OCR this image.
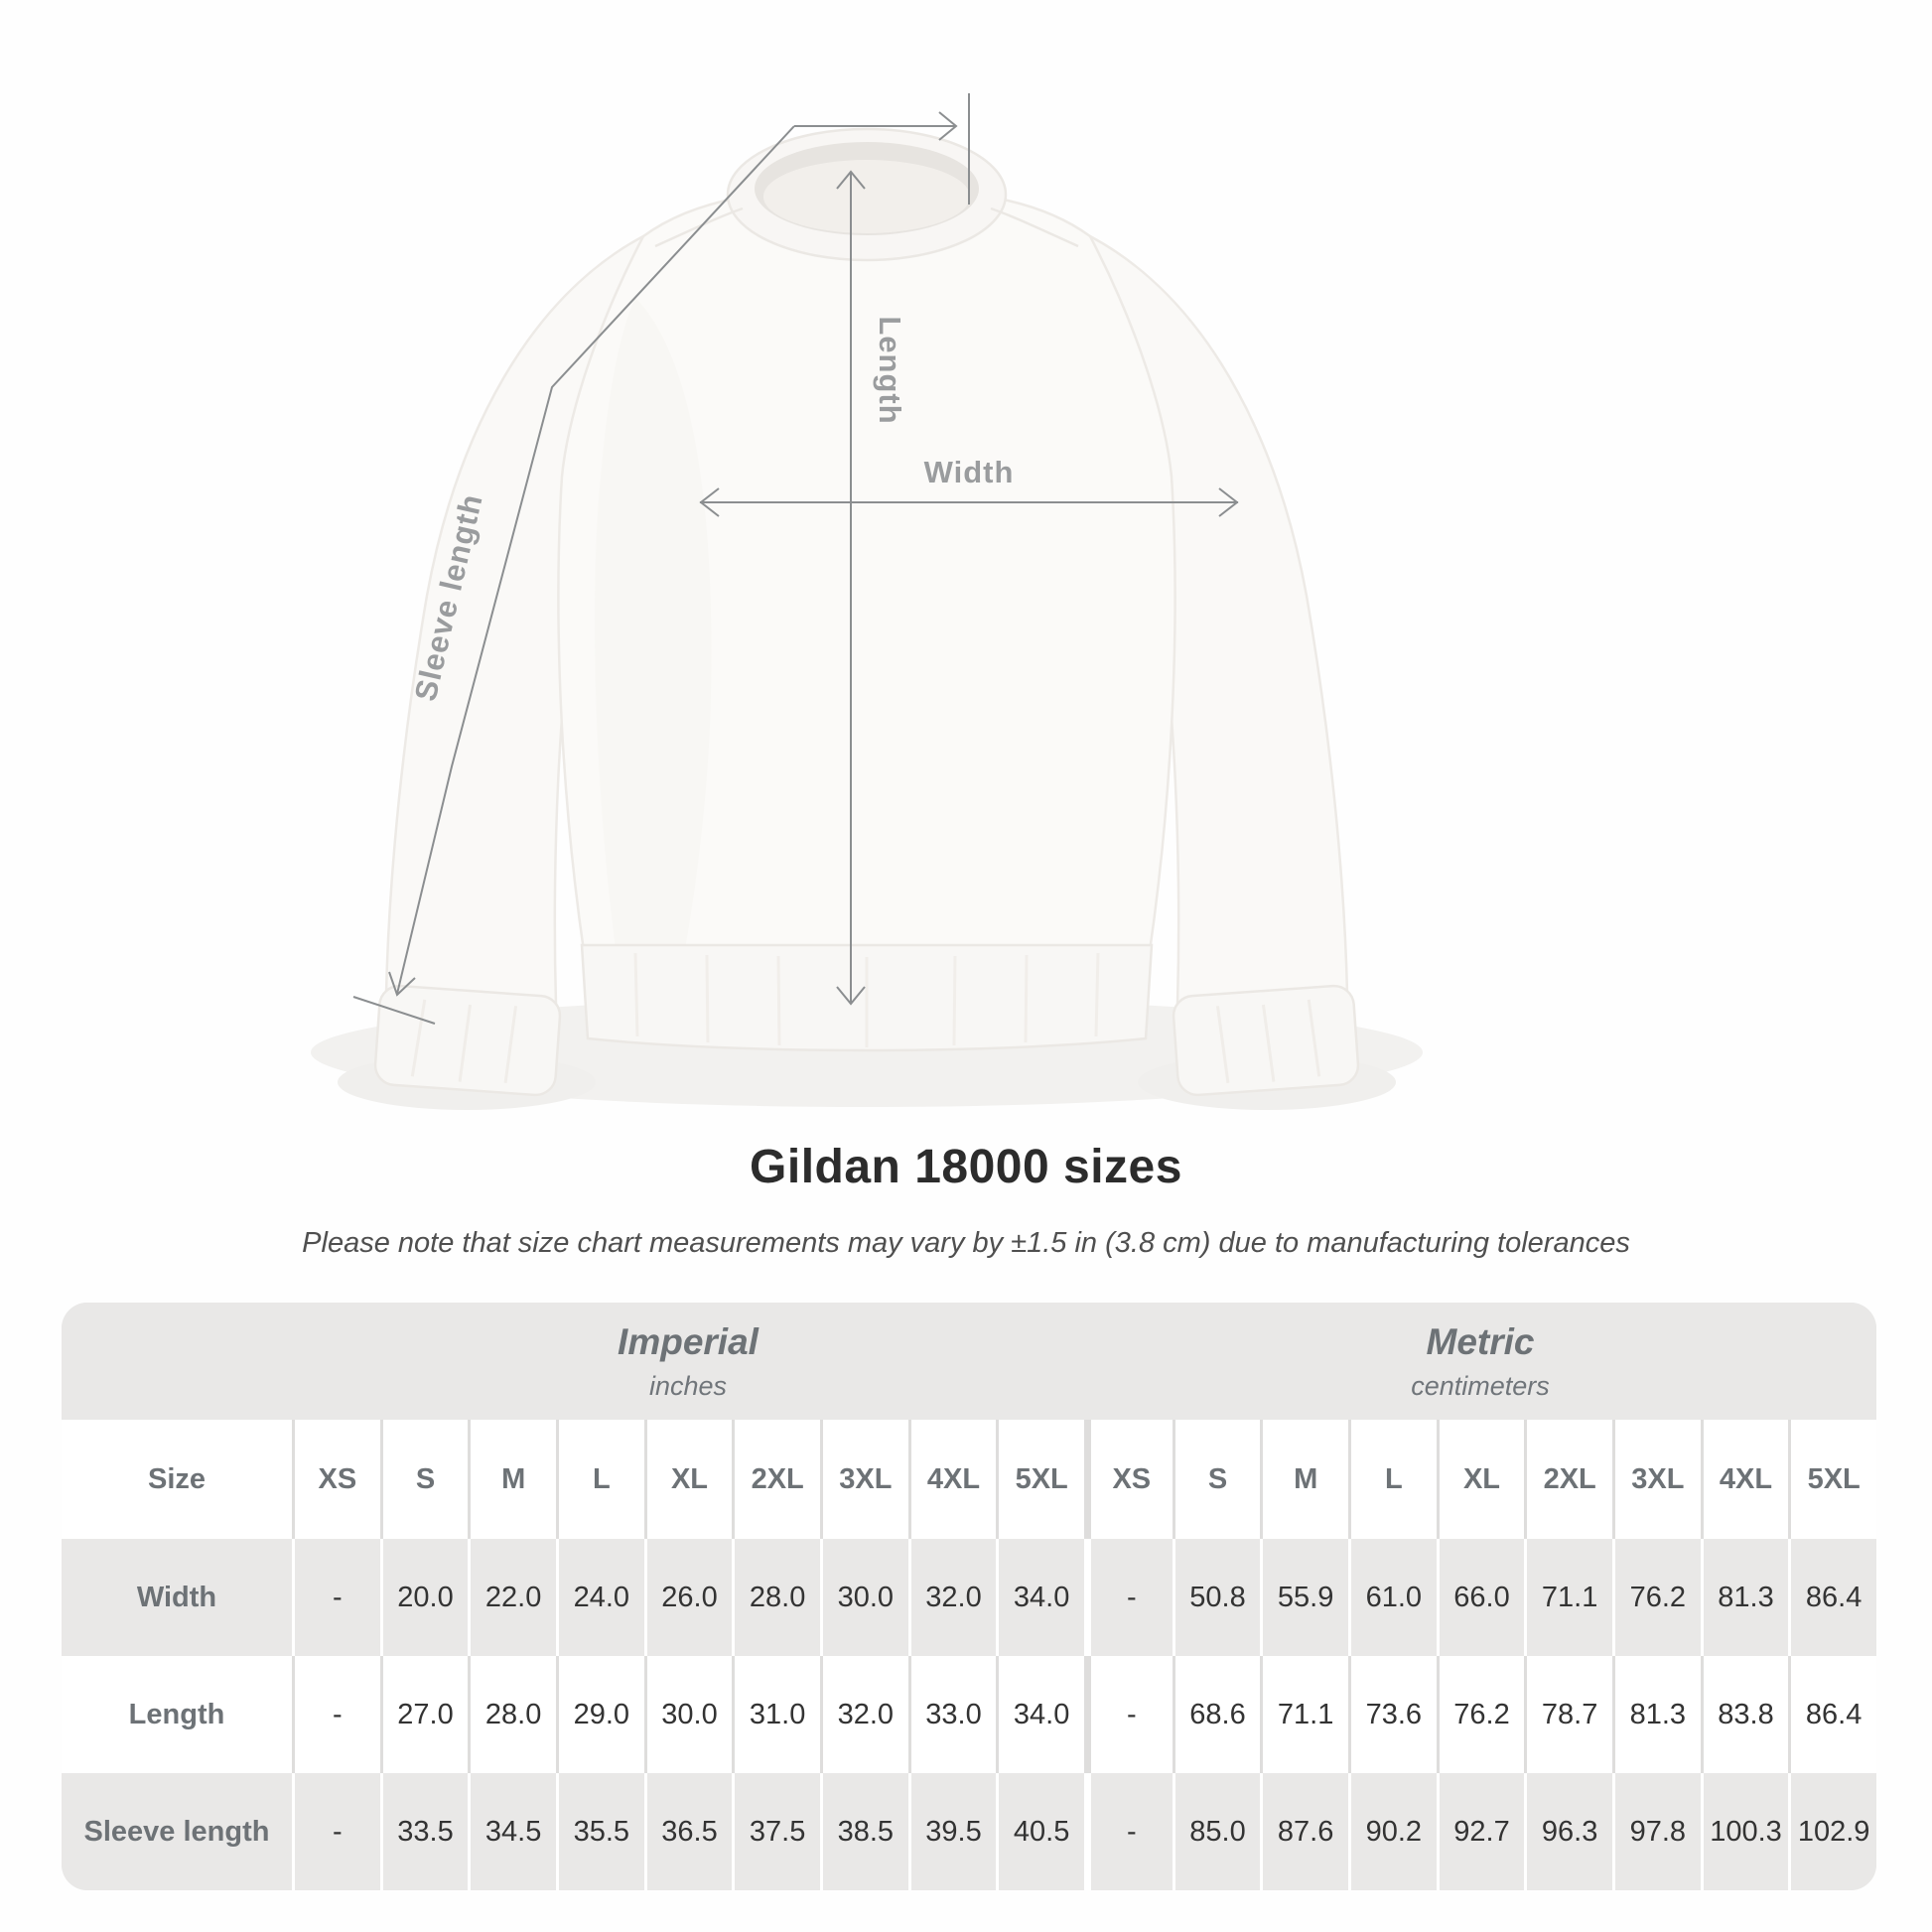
Width
Length
Sleeve length
Gildan 18000 sizes
Please note that size chart measurements may vary by ±1.5 in (3.8 cm) due to manufacturing tolerances
Imperial
inches
Metric
centimeters
Size	XS	S	M	L	XL	2XL	3XL	4XL	5XL	XS	S	M	L	XL	2XL	3XL	4XL	5XL
Width	-	20.0	22.0	24.0	26.0	28.0	30.0	32.0	34.0	-	50.8	55.9	61.0	66.0	71.1	76.2	81.3	86.4
Length	-	27.0	28.0	29.0	30.0	31.0	32.0	33.0	34.0	-	68.6	71.1	73.6	76.2	78.7	81.3	83.8	86.4
Sleeve length	-	33.5	34.5	35.5	36.5	37.5	38.5	39.5	40.5	-	85.0	87.6	90.2	92.7	96.3	97.8 100.3 102.9
